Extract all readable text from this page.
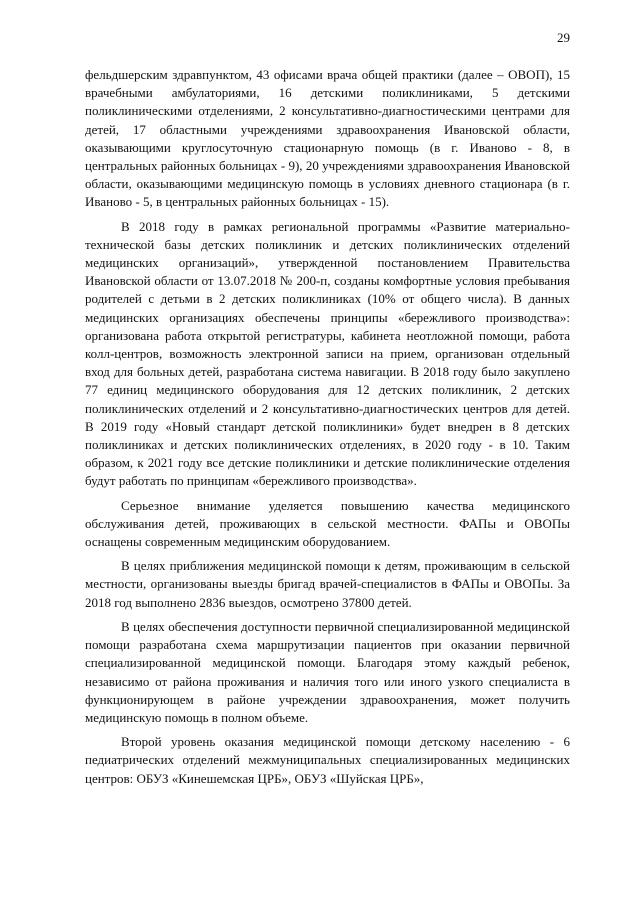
29

фельдшерским здравпунктом, 43 офисами врача общей практики (далее – ОВОП), 15 врачебными амбулаториями, 16 детскими поликлиниками, 5 детскими поликлиническими отделениями, 2 консультативно-диагностическими центрами для детей, 17 областными учреждениями здравоохранения Ивановской области, оказывающими круглосуточную стационарную помощь (в г. Иваново - 8, в центральных районных больницах - 9), 20 учреждениями здравоохранения Ивановской области, оказывающими медицинскую помощь в условиях дневного стационара (в г. Иваново - 5, в центральных районных больницах - 15).

В 2018 году в рамках региональной программы «Развитие материально-технической базы детских поликлиник и детских поликлинических отделений медицинских организаций», утвержденной постановлением Правительства Ивановской области от 13.07.2018 № 200-п, созданы комфортные условия пребывания родителей с детьми в 2 детских поликлиниках (10% от общего числа). В данных медицинских организациях обеспечены принципы «бережливого производства»: организована работа открытой регистратуры, кабинета неотложной помощи, работа колл-центров, возможность электронной записи на прием, организован отдельный вход для больных детей, разработана система навигации. В 2018 году было закуплено 77 единиц медицинского оборудования для 12 детских поликлиник, 2 детских поликлинических отделений и 2 консультативно-диагностических центров для детей. В 2019 году «Новый стандарт детской поликлиники» будет внедрен в 8 детских поликлиниках и детских поликлинических отделениях, в 2020 году - в 10. Таким образом, к 2021 году все детские поликлиники и детские поликлинические отделения будут работать по принципам «бережливого производства».

Серьезное внимание уделяется повышению качества медицинского обслуживания детей, проживающих в сельской местности. ФАПы и ОВОПы оснащены современным медицинским оборудованием.

В целях приближения медицинской помощи к детям, проживающим в сельской местности, организованы выезды бригад врачей-специалистов в ФАПы и ОВОПы. За 2018 год выполнено 2836 выездов, осмотрено 37800 детей.

В целях обеспечения доступности первичной специализированной медицинской помощи разработана схема маршрутизации пациентов при оказании первичной специализированной медицинской помощи. Благодаря этому каждый ребенок, независимо от района проживания и наличия того или иного узкого специалиста в функционирующем в районе учреждении здравоохранения, может получить медицинскую помощь в полном объеме.

Второй уровень оказания медицинской помощи детскому населению - 6 педиатрических отделений межмуниципальных специализированных медицинских центров: ОБУЗ «Кинешемская ЦРБ», ОБУЗ «Шуйская ЦРБ»,
